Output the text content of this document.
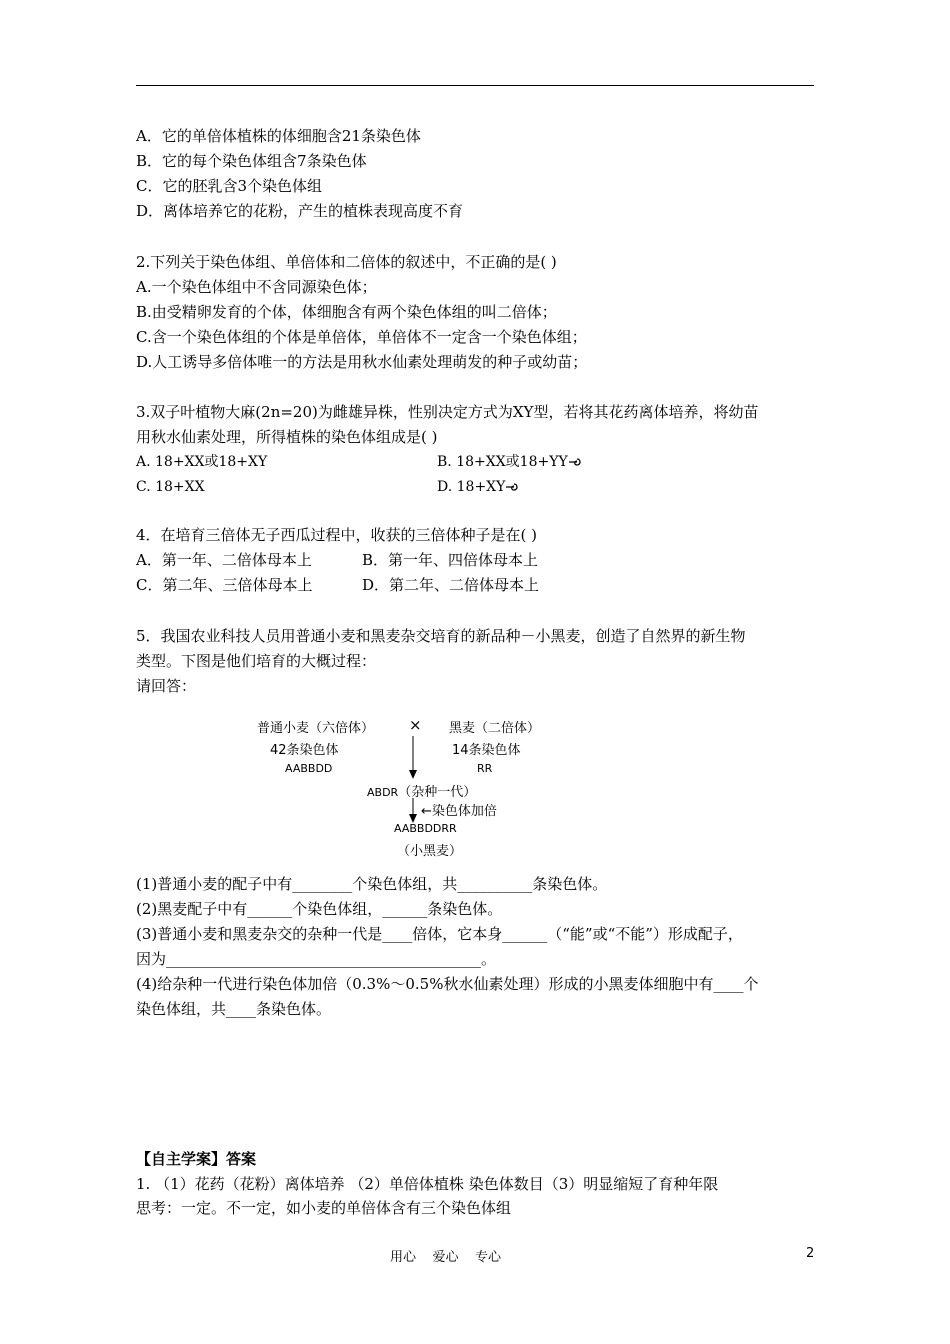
A．它的单倍体植株的体细胞含21条染色体
B．它的每个染色体组含7条染色体
C．它的胚乳含3个染色体组
D．离体培养它的花粉，产生的植株表现高度不育
2.下列关于染色体组、单倍体和二倍体的叙述中，不正确的是( )
A.一个染色体组中不含同源染色体；
B.由受精卵发育的个体，体细胞含有两个染色体组的叫二倍体；
C.含一个染色体组的个体是单倍体，单倍体不一定含一个染色体组；
D.人工诱导多倍体唯一的方法是用秋水仙素处理萌发的种子或幼苗；
3.双子叶植物大麻(2n=20)为雌雄异株，性别决定方式为XY型，若将其花药离体培养，将幼苗
用秋水仙素处理，所得植株的染色体组成是( )
A. 18+XX或18+XY	B. 18+XX或18+YY
C. 18+XX	D. 18+XY
4．在培育三倍体无子西瓜过程中，收获的三倍体种子是在( )
A．第一年、二倍体母本上	B．第一年、四倍体母本上
C．第二年、三倍体母本上	D．第二年、二倍体母本上
5．我国农业科技人员用普通小麦和黑麦杂交培育的新品种－小黑麦，创造了自然界的新生物
类型。下图是他们培育的大概过程：
请回答：
普通小麦（六倍体）
42条染色体
AABBDD
× 黑麦（二倍体）
14条染色体
RR
ABDR（杂种一代）
←染色体加倍
AABBDDRR
（小黑麦）
(1)普通小麦的配子中有________个染色体组，共__________条染色体。
(2)黑麦配子中有______个染色体组，______条染色体。
(3)普通小麦和黑麦杂交的杂种一代是____倍体，它本身______（“能”或“不能”）形成配子，
因为__________________________________________。
(4)给杂种一代进行染色体加倍（0.3%～0.5%秋水仙素处理）形成的小黑麦体细胞中有____个
染色体组，共____条染色体。
【自主学案】答案
1. （1）花药（花粉）离体培养 （2）单倍体植株 染色体数目（3）明显缩短了育种年限
思考：一定。不一定，如小麦的单倍体含有三个染色体组
用心    爱心    专心	2
